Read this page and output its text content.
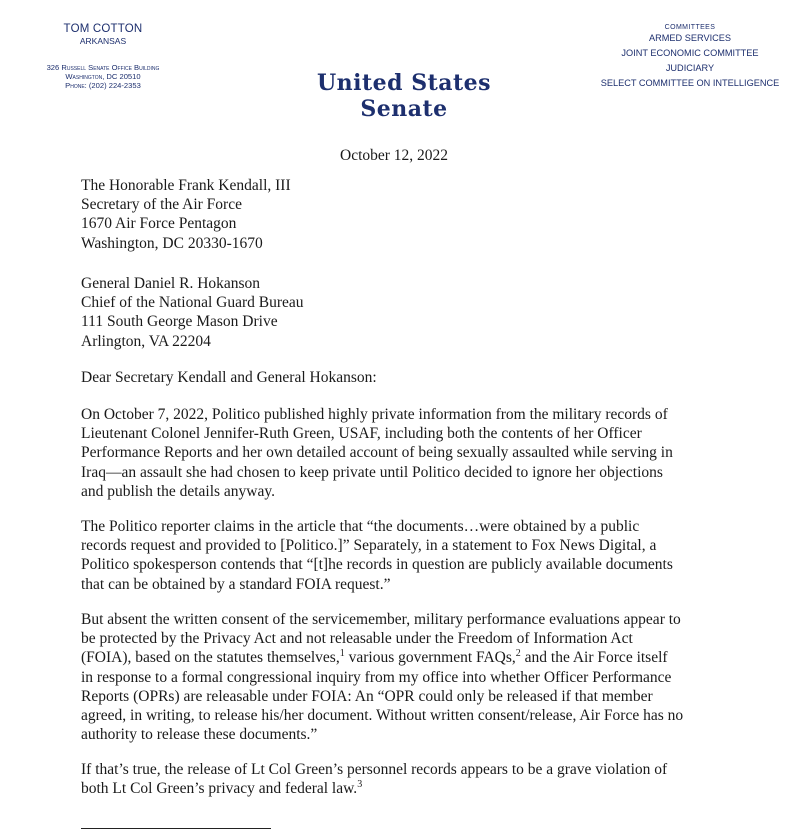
TOM COTTON
ARKANSAS
326 Russell Senate Office Building
Washington, DC 20510
Phone: (202) 224-2353	United States Senate
COMMITTEES
ARMED SERVICES
JOINT ECONOMIC COMMITTEE
JUDICIARY
SELECT COMMITTEE ON INTELLIGENCE
October 12, 2022
The Honorable Frank Kendall, III
Secretary of the Air Force
1670 Air Force Pentagon
Washington, DC 20330-1670
General Daniel R. Hokanson
Chief of the National Guard Bureau
111 South George Mason Drive
Arlington, VA 22204
Dear Secretary Kendall and General Hokanson:
On October 7, 2022, Politico published highly private information from the military records of
Lieutenant Colonel Jennifer-Ruth Green, USAF, including both the contents of her Officer
Performance Reports and her own detailed account of being sexually assaulted while serving in
Iraq—an assault she had chosen to keep private until Politico decided to ignore her objections
and publish the details anyway.
The Politico reporter claims in the article that “the documents…were obtained by a public
records request and provided to [Politico.]” Separately, in a statement to Fox News Digital, a
Politico spokesperson contends that “[t]he records in question are publicly available documents
that can be obtained by a standard FOIA request.”
But absent the written consent of the servicemember, military performance evaluations appear to
be protected by the Privacy Act and not releasable under the Freedom of Information Act
(FOIA), based on the statutes themselves,$^1$ various government FAQs,$^2$ and the Air Force itself
in response to a formal congressional inquiry from my office into whether Officer Performance
Reports (OPRs) are releasable under FOIA: An “OPR could only be released if that member
agreed, in writing, to release his/her document. Without written consent/release, Air Force has no
authority to release these documents.”
If that’s true, the release of Lt Col Green’s personnel records appears to be a grave violation of
both Lt Col Green’s privacy and federal law.$^3$
